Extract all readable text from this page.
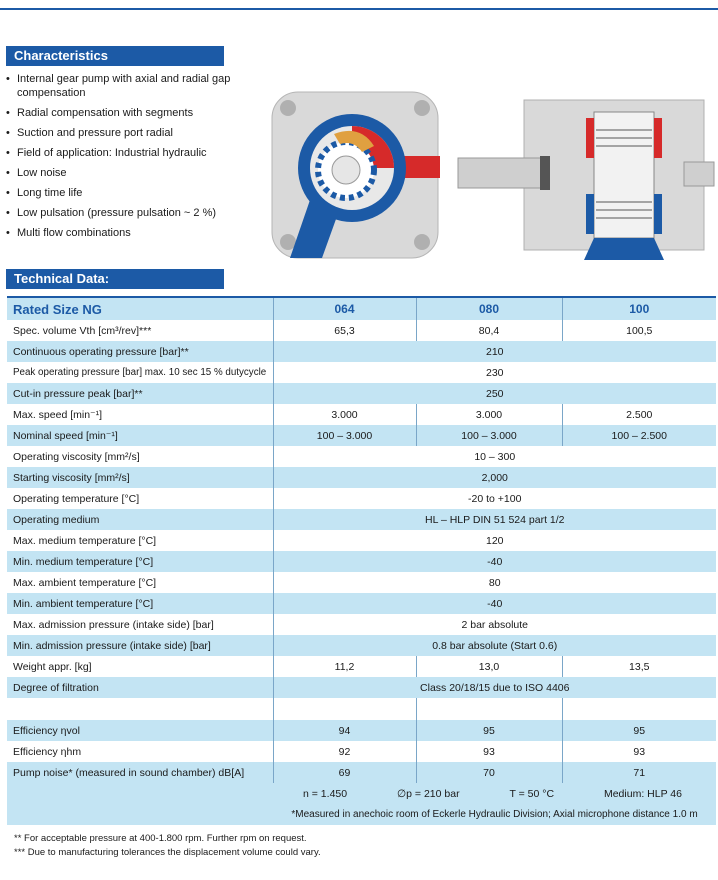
Characteristics
• Internal gear pump with axial and radial gap compensation
• Radial compensation with segments
• Suction and pressure port radial
• Field of application: Industrial hydraulic
• Low noise
• Long time life
• Low pulsation (pressure pulsation ~ 2 %)
• Multi flow combinations
Technical Data:
Rated Size NG	064	080	100
Spec. volume Vth [cm³/rev]***	65,3	80,4	100,5
Continuous operating pressure [bar]**	210		
Peak operating pressure [bar] max. 10 sec 15 % dutycycle	230		
Cut-in pressure peak [bar]**	250		
Max. speed [min⁻¹]	3.000	3.000	2.500
Nominal speed [min⁻¹]	100 – 3.000	100 – 3.000	100 – 2.500
Operating viscosity [mm²/s]	10 – 300		
Starting viscosity [mm²/s]	2,000		
Operating temperature [°C]	-20 to +100		
Operating medium	HL – HLP DIN 51 524 part 1/2		
Max. medium temperature [°C]	120		
Min. medium temperature [°C]	-40		
Max. ambient temperature [°C]	80		
Min. ambient temperature [°C]	-40		
Max. admission pressure (intake side) [bar]	2 bar absolute		
Min. admission pressure (intake side) [bar]	0.8 bar absolute (Start 0.6)		
Weight appr. [kg]	11,2	13,0	13,5
Degree of filtration	Class 20/18/15 due to ISO 4406		

Efficiency ηvol	94	95	95
Efficiency ηhm	92	93	93
Pump noise* (measured in sound chamber) dB[A]	69	70	71

	n = 1.450 ∅p = 210 bar T = 50 °C Medium: HLP 46		

	*Measured in anechoic room of Eckerle Hydraulic Division; Axial microphone distance 1.0 m		
** For acceptable pressure at 400-1.800 rpm. Further rpm on request.
*** Due to manufacturing tolerances the displacement volume could vary.
